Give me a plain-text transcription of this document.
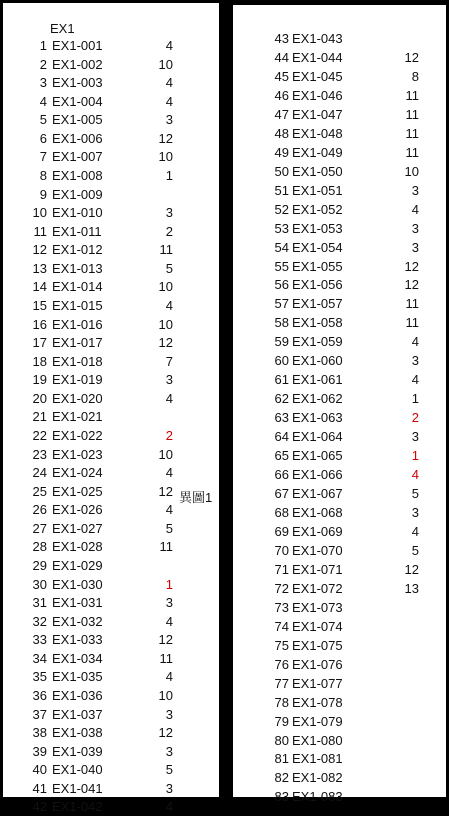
EX1
異圖1
1 EX1-001	4
2 EX1-002	10
3 EX1-003	4
4 EX1-004	4
5 EX1-005	3
6 EX1-006	12
7 EX1-007	10
8 EX1-008	1
9 EX1-009
10 EX1-010	3
11 EX1-011	2
12 EX1-012	11
13 EX1-013	5
14 EX1-014	10
15 EX1-015	4
16 EX1-016	10
17 EX1-017	12
18 EX1-018	7
19 EX1-019	3
20 EX1-020	4
21 EX1-021
22 EX1-022	2
23 EX1-023	10
24 EX1-024	4
25 EX1-025	12
26 EX1-026	4
27 EX1-027	5
28 EX1-028	11
29 EX1-029
30 EX1-030	1
31 EX1-031	3
32 EX1-032	4
33 EX1-033	12
34 EX1-034	11
35 EX1-035	4
36 EX1-036	10
37 EX1-037	3
38 EX1-038	12
39 EX1-039	3
40 EX1-040	5
41 EX1-041	3
42 EX1-042	4
43 EX1-043
44 EX1-044	12
45 EX1-045	8
46 EX1-046	11
47 EX1-047	11
48 EX1-048	11
49 EX1-049	11
50 EX1-050	10
51 EX1-051	3
52 EX1-052	4
53 EX1-053	3
54 EX1-054	3
55 EX1-055	12
56 EX1-056	12
57 EX1-057	11
58 EX1-058	11
59 EX1-059	4
60 EX1-060	3
61 EX1-061	4
62 EX1-062	1
63 EX1-063	2
64 EX1-064	3
65 EX1-065	1
66 EX1-066	4
67 EX1-067	5
68 EX1-068	3
69 EX1-069	4
70 EX1-070	5
71 EX1-071	12
72 EX1-072	13
73 EX1-073
74 EX1-074
75 EX1-075
76 EX1-076
77 EX1-077
78 EX1-078
79 EX1-079
80 EX1-080
81 EX1-081
82 EX1-082
83 EX1-083
